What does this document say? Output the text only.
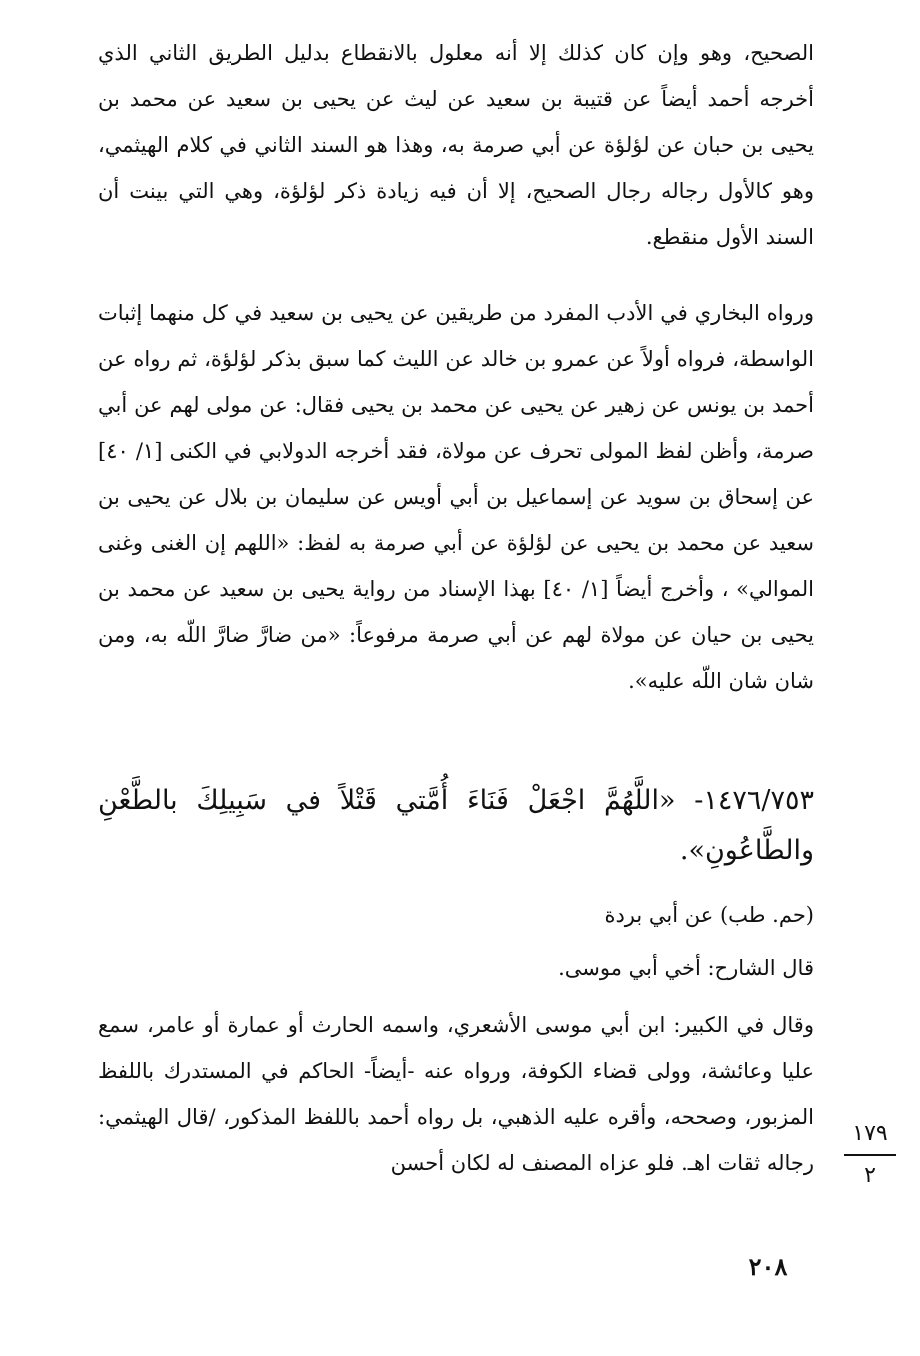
الصحيح، وهو وإن كان كذلك إلا أنه معلول بالانقطاع بدليل الطريق الثاني الذي أخرجه أحمد أيضاً عن قتيبة بن سعيد عن ليث عن يحيى بن سعيد عن محمد بن يحيى بن حبان عن لؤلؤة عن أبي صرمة به، وهذا هو السند الثاني في كلام الهيثمي، وهو كالأول رجاله رجال الصحيح، إلا أن فيه زيادة ذكر لؤلؤة، وهي التي بينت أن السند الأول منقطع.

ورواه البخاري في الأدب المفرد من طريقين عن يحيى بن سعيد في كل منهما إثبات الواسطة، فرواه أولاً عن عمرو بن خالد عن الليث كما سبق بذكر لؤلؤة، ثم رواه عن أحمد بن يونس عن زهير عن يحيى عن محمد بن يحيى فقال: عن مولى لهم عن أبي صرمة، وأظن لفظ المولى تحرف عن مولاة، فقد أخرجه الدولابي في الكنى [١/ ٤٠] عن إسحاق بن سويد عن إسماعيل بن أبي أويس عن سليمان بن بلال عن يحيى بن سعيد عن محمد بن يحيى عن لؤلؤة عن أبي صرمة به لفظ: «اللهم إن الغنى وغنى الموالي» ، وأخرج أيضاً [١/ ٤٠] بهذا الإسناد من رواية يحيى بن سعيد عن محمد بن يحيى بن حيان عن مولاة لهم عن أبي صرمة مرفوعاً: «من ضارَّ ضارَّ اللّه به، ومن شان شان اللّه عليه».

١٤٧٦/٧٥٣- «اللَّهُمَّ اجْعَلْ فَنَاءَ أُمَّتي قَتْلاً في سَبِيلِكَ بالطَّعْنِ والطَّاعُونِ».

(حم. طب) عن أبي بردة

قال الشارح: أخي أبي موسى.

وقال في الكبير: ابن أبي موسى الأشعري، واسمه الحارث أو عمارة أو عامر، سمع عليا وعائشة، وولى قضاء الكوفة، ورواه عنه -أيضاً- الحاكم في المستدرك باللفظ المزبور، وصححه، وأقره عليه الذهبي، بل رواه أحمد باللفظ المذكور، /قال الهيثمي: رجاله ثقات اهـ. فلو عزاه المصنف له لكان أحسن

١٧٩
٢
٢٠٨
